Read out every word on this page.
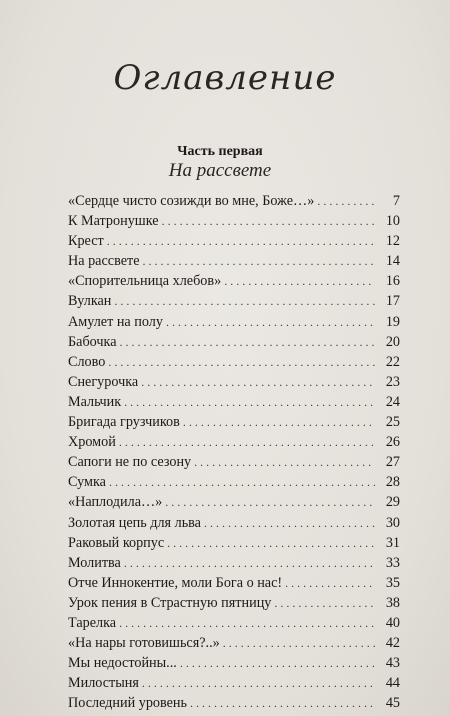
Оглавление
Часть первая
На рассвете
«Сердце чисто созижди во мне, Боже…» . . .	7
К Матронушке . . .	10
Крест . . .	12
На рассвете . . .	14
«Спорительница хлебов» . . .	16
Вулкан . . .	17
Амулет на полу . . .	19
Бабочка . . .	20
Слово . . .	22
Снегурочка . . .	23
Мальчик . . .	24
Бригада грузчиков . . .	25
Хромой . . .	26
Сапоги не по сезону . . .	27
Сумка . . .	28
«Наплодила…» . . .	29
Золотая цепь для льва . . .	30
Раковый корпус . . .	31
Молитва . . .	33
Отче Иннокентие, моли Бога о нас! . . .	35
Урок пения в Страстную пятницу . . .	38
Тарелка . . .	40
«На нары готовишься?..» . . .	42
Мы недостойны... . . .	43
Милостыня . . .	44
Последний уровень . . .	45
